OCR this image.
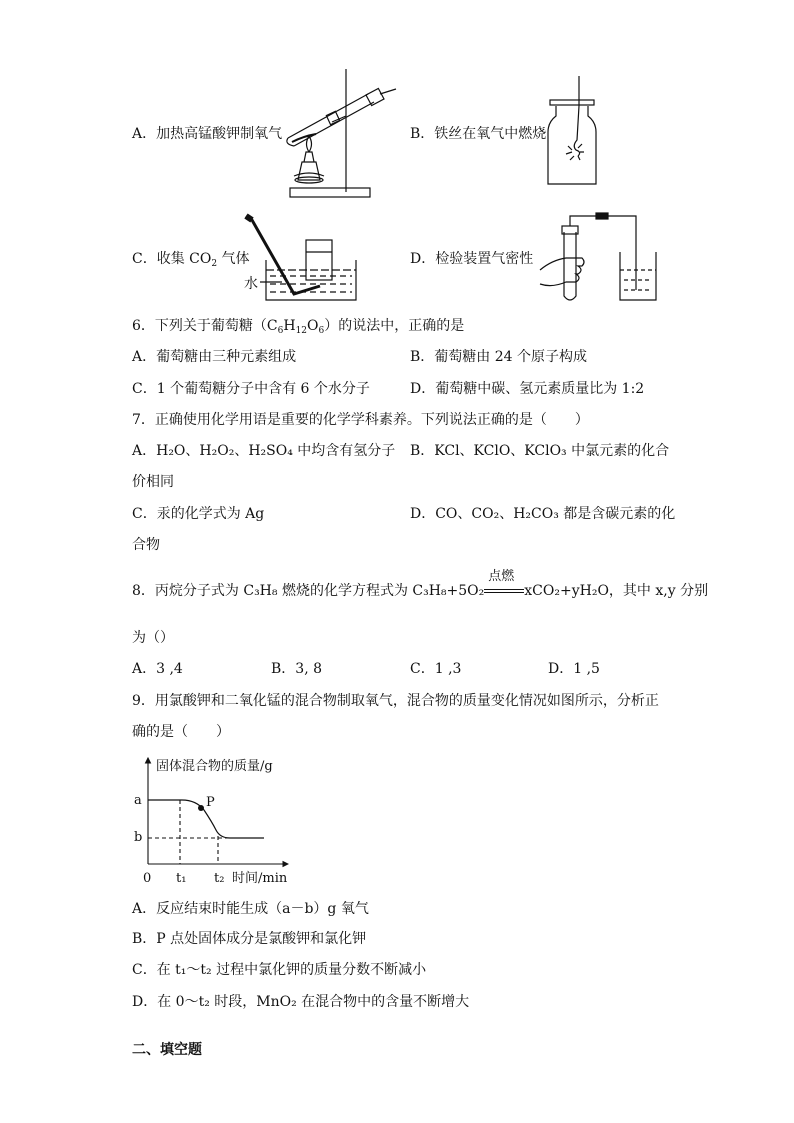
A．加热高锰酸钾制氧气	B．铁丝在氧气中燃烧
C．收集 $CO_2$ 气体
水
D．检验装置气密性
6．下列关于葡萄糖$(C_6H_{12}O_6)$的说法中，正确的是
A．葡萄糖由三种元素组成	B．葡萄糖由 24 个原子构成
C．1 个葡萄糖分子中含有 6 个水分子	D．葡萄糖中碳、氢元素质量比为 1:2
7．正确使用化学用语是重要的化学学科素养。下列说法正确的是（　　）
A．H₂O、H₂O₂、H₂SO₄ 中均含有氢分子 B．KCl、KClO、KClO₃ 中氯元素的化合
价相同
C．汞的化学式为 Ag	D．CO、CO₂、H₂CO₃ 都是含碳元素的化
合物
8．丙烷分子式为 C₃H₈ 燃烧的化学方程式为 C₃H₈+5O₂
点燃
xCO₂+yH₂O，其中 x,y 分别
为（）
A．3 ,4	B．3, 8	C．1 ,3	D．1 ,5
9．用氯酸钾和二氧化锰的混合物制取氧气，混合物的质量变化情况如图所示，分析正
确的是（　　）
固体混合物的质量/g
a
b
P
0 t₁ t₂ 时间/min
A．反应结束时能生成（a－b）g 氧气
B．P 点处固体成分是氯酸钾和氯化钾
C．在 t₁～t₂ 过程中氯化钾的质量分数不断减小
D．在 0～t₂ 时段，MnO₂ 在混合物中的含量不断增大
二、填空题
